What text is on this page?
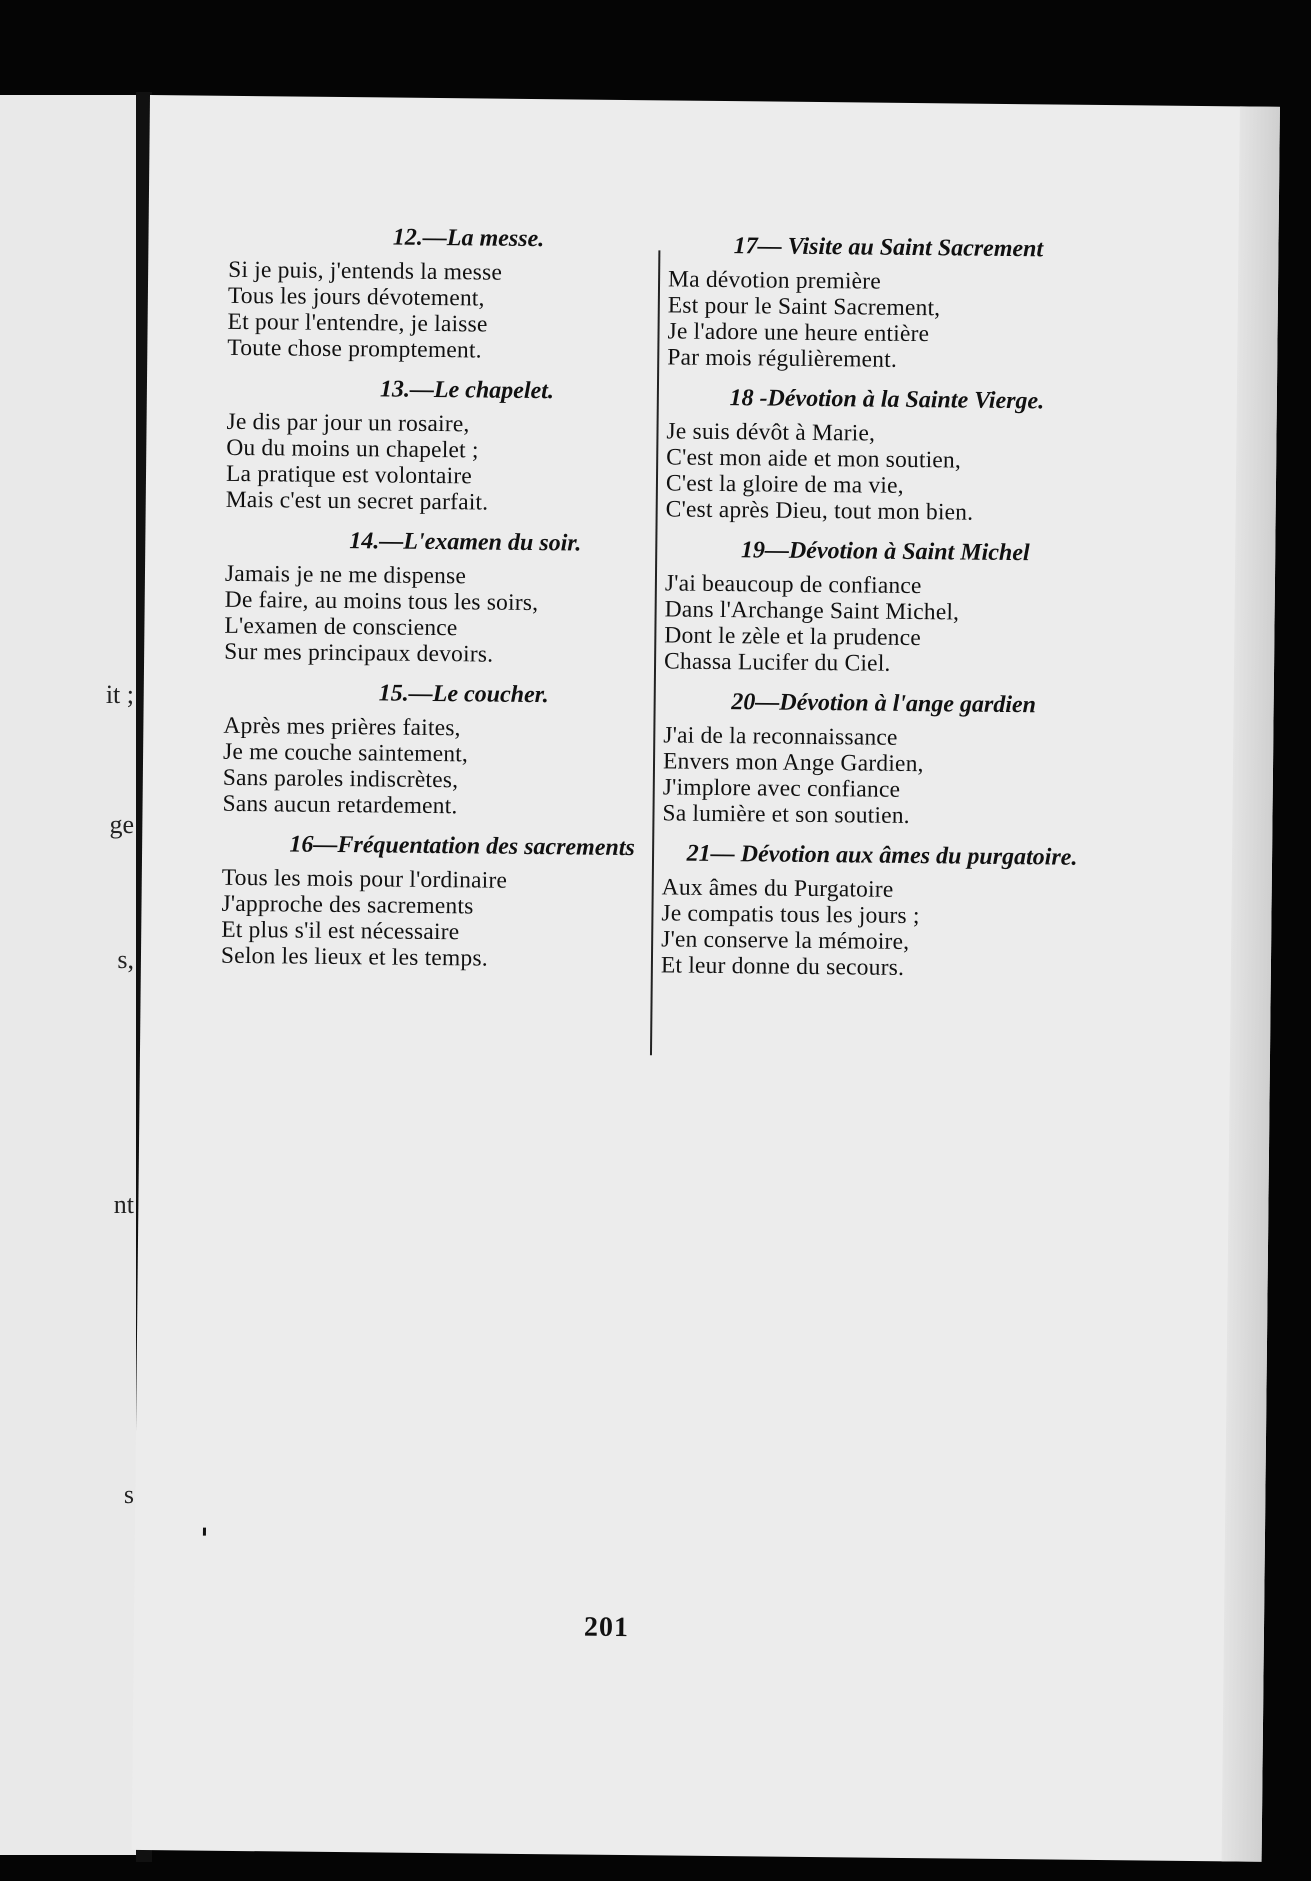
it ;
ge
s,
nt
s
12.—La messe.
Si je puis, j'entends la messe
Tous les jours dévotement,
Et pour l'entendre, je laisse
Toute chose promptement.
13.—Le chapelet.
Je dis par jour un rosaire,
Ou du moins un chapelet ;
La pratique est volontaire
Mais c'est un secret parfait.
14.—L'examen du soir.
Jamais je ne me dispense
De faire, au moins tous les soirs,
L'examen de conscience
Sur mes principaux devoirs.
15.—Le coucher.
Après mes prières faites,
Je me couche saintement,
Sans paroles indiscrètes,
Sans aucun retardement.
16—Fréquentation des sacrements
Tous les mois pour l'ordinaire
J'approche des sacrements
Et plus s'il est nécessaire
Selon les lieux et les temps.
17— Visite au Saint Sacrement
Ma dévotion première
Est pour le Saint Sacrement,
Je l'adore une heure entière
Par mois régulièrement.
18 -Dévotion à la Sainte Vierge.
Je suis dévôt à Marie,
C'est mon aide et mon soutien,
C'est la gloire de ma vie,
C'est après Dieu, tout mon bien.
19—Dévotion à Saint Michel
J'ai beaucoup de confiance
Dans l'Archange Saint Michel,
Dont le zèle et la prudence
Chassa Lucifer du Ciel.
20—Dévotion à l'ange gardien
J'ai de la reconnaissance
Envers mon Ange Gardien,
J'implore avec confiance
Sa lumière et son soutien.
21— Dévotion aux âmes du purgatoire.
Aux âmes du Purgatoire
Je compatis tous les jours ;
J'en conserve la mémoire,
Et leur donne du secours.
201
